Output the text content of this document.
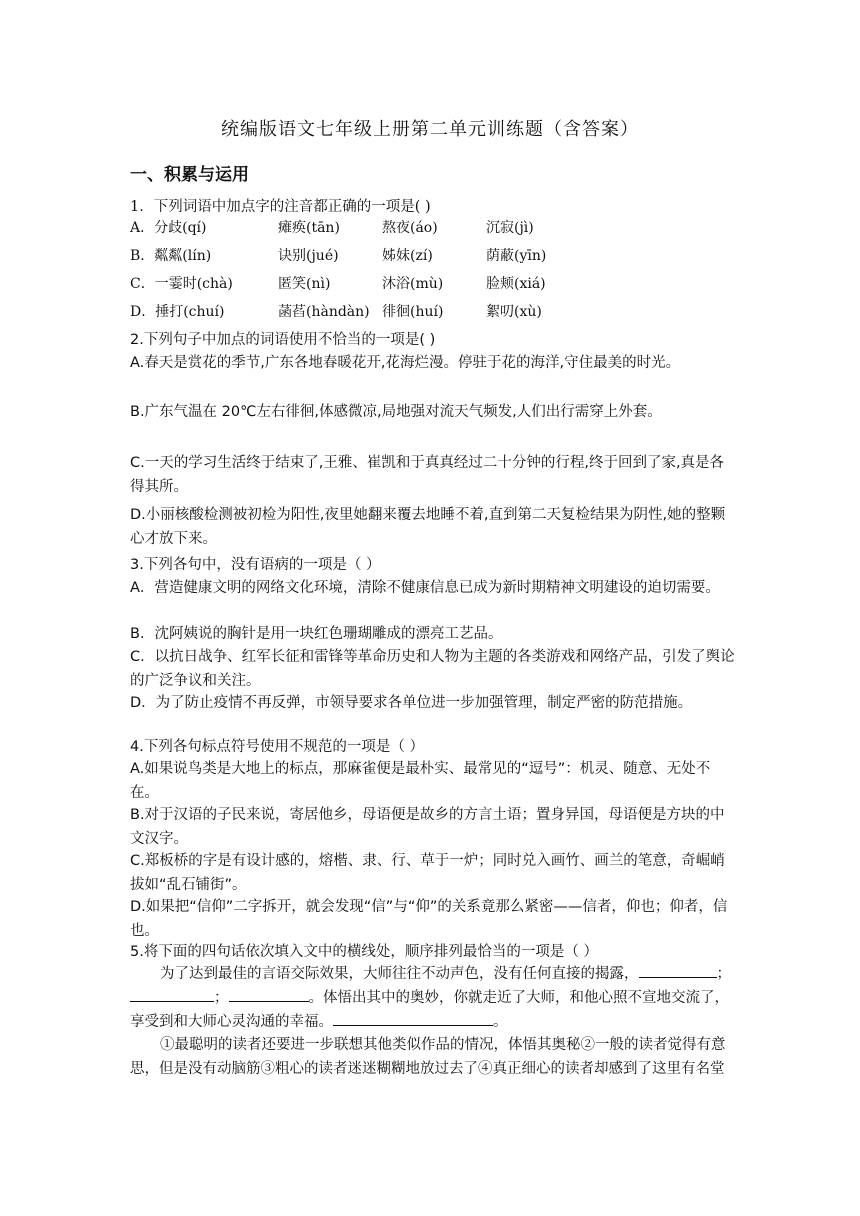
统编版语文七年级上册第二单元训练题（含答案）
一、积累与运用
1．下列词语中加点字的注音都正确的一项是( )
A．分歧(qí)	瘫痪(tān)	熬夜(áo)	沉寂(jì)
B．粼粼(lín)	诀别(jué)	姊妹(zí)	荫蔽(yīn)
C．一霎时(chà)	匿笑(nì)	沐浴(mù)	脸颊(xiá)
D．捶打(chuí)	菡萏(hàndàn) 徘徊(huí)	絮叨(xù)
2.下列句子中加点的词语使用不恰当的一项是( )
A.春天是赏花的季节,广东各地春暖花开,花海烂漫。停驻于花的海洋,守住最美的时光。
B.广东气温在 20℃左右徘徊,体感微凉,局地强对流天气频发,人们出行需穿上外套。
C.一天的学习生活终于结束了,王雅、崔凯和于真真经过二十分钟的行程,终于回到了家,真是各得其所。
D.小丽核酸检测被初检为阳性,夜里她翻来覆去地睡不着,直到第二天复检结果为阴性,她的整颗心才放下来。
3.下列各句中，没有语病的一项是（ ）
A．营造健康文明的网络文化环境，清除不健康信息已成为新时期精神文明建设的迫切需要。
B．沈阿姨说的胸针是用一块红色珊瑚雕成的漂亮工艺品。
C．以抗日战争、红军长征和雷锋等革命历史和人物为主题的各类游戏和网络产品，引发了舆论的广泛争议和关注。
D．为了防止疫情不再反弹，市领导要求各单位进一步加强管理，制定严密的防范措施。
4.下列各句标点符号使用不规范的一项是（ ）
A.如果说鸟类是大地上的标点，那麻雀便是最朴实、最常见的“逗号”：机灵、随意、无处不在。
B.对于汉语的子民来说，寄居他乡，母语便是故乡的方言土语；置身异国，母语便是方块的中文汉字。
C.郑板桥的字是有设计感的，熔楷、隶、行、草于一炉；同时兑入画竹、画兰的笔意，奇崛峭拔如“乱石铺街”。
D.如果把“信仰”二字拆开，就会发现“信”与“仰”的关系竟那么紧密——信者，仰也；仰者，信也。
5.将下面的四句话依次填入文中的横线处，顺序排列最恰当的一项是（ ）
为了达到最佳的言语交际效果，大师往往不动声色，没有任何直接的揭露，	；；	。体悟出其中的奥妙，你就走近了大师，和他心照不宣地交流了，享受到和大师心灵沟通的幸福。	。
①最聪明的读者还要进一步联想其他类似作品的情况，体悟其奥秘②一般的读者觉得有意思，但是没有动脑筋③粗心的读者迷迷糊糊地放过去了④真正细心的读者却感到了这里有名堂
